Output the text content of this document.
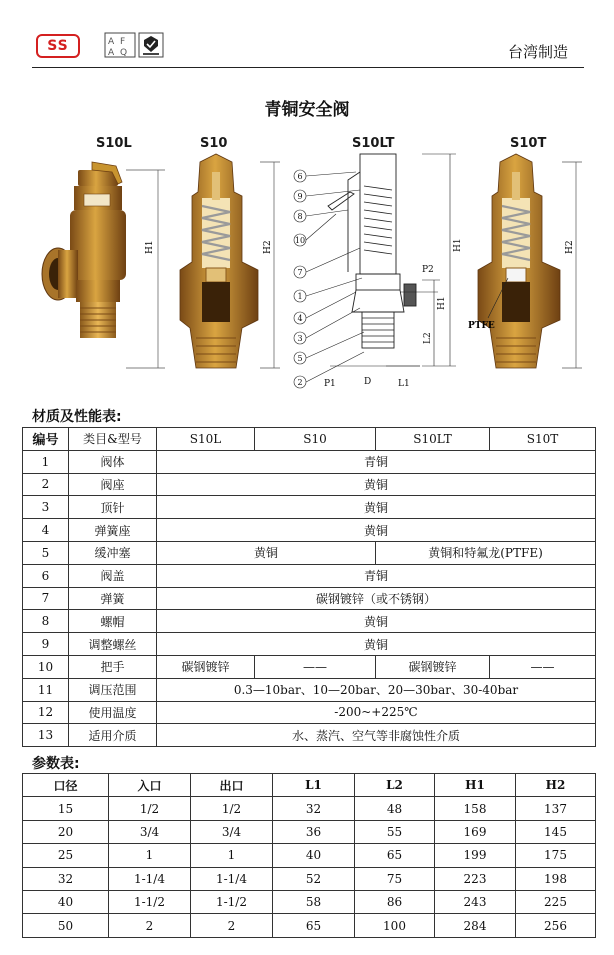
SS	A F
A Q	台湾制造
青铜安全阀
S10L	S10	S10LT	S10T
H1	H2	H1
H1
P2
L2
D
P1	L1
6
9
8
10
7
1
4
3
5
2
PTFE
H2
材质及性能表:
编号	类目&型号	S10L	S10	S10LT	S10T
1	阀体	青铜			
2	阀座	黄铜			
3	顶针	黄铜			
4	弹簧座	黄铜			
5	缓冲塞	黄铜		黄铜和特氟龙(PTFE)	
6	阀盖	青铜			
7	弹簧	碳钢镀锌（或不锈钢）			
8	螺帽	黄铜			
9	调整螺丝	黄铜			
10	把手	碳钢镀锌	——	碳钢镀锌	——
11	调压范围	0.3—10bar、10—20bar、20—30bar、30-40bar			
12	使用温度	-200~+225℃			
13	适用介质	水、蒸汽、空气等非腐蚀性介质			
参数表:
口径	入口	出口	L1	L2	H1	H2
15	1/2	1/2	32	48	158	137
20	3/4	3/4	36	55	169	145
25	1	1	40	65	199	175
32	1-1/4	1-1/4	52	75	223	198
40	1-1/2	1-1/2	58	86	243	225
50	2	2	65	100	284	256
